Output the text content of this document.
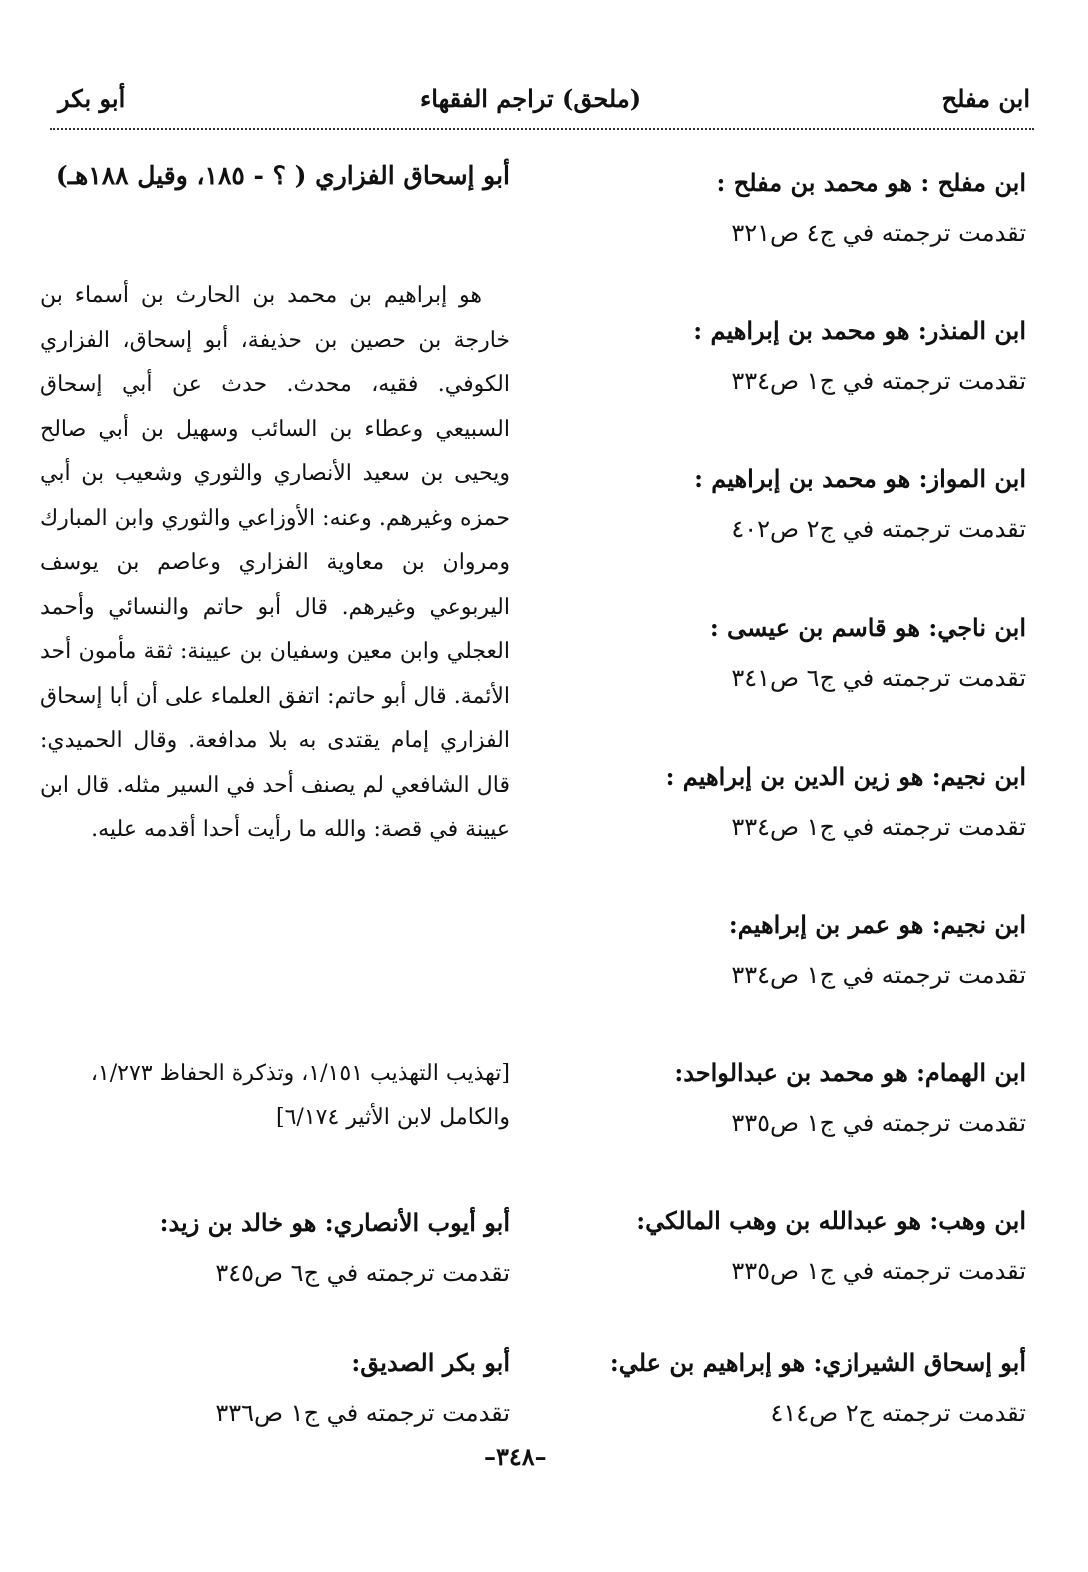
ابن مفلح
(ملحق) تراجم الفقهاء
أبو بكر
ابن مفلح : هو محمد بن مفلح :
تقدمت ترجمته في ج٤ ص٣٢١
ابن المنذر: هو محمد بن إبراهيم :
تقدمت ترجمته في ج١ ص٣٣٤
ابن المواز: هو محمد بن إبراهيم :
تقدمت ترجمته في ج٢ ص٤٠٢
ابن ناجي: هو قاسم بن عيسى :
تقدمت ترجمته في ج٦ ص٣٤١
ابن نجيم: هو زين الدين بن إبراهيم :
تقدمت ترجمته في ج١ ص٣٣٤
ابن نجيم: هو عمر بن إبراهيم:
تقدمت ترجمته في ج١ ص٣٣٤
ابن الهمام: هو محمد بن عبدالواحد:
تقدمت ترجمته في ج١ ص٣٣٥
ابن وهب: هو عبدالله بن وهب المالكي:
تقدمت ترجمته في ج١ ص٣٣٥
أبو إسحاق الشيرازي: هو إبراهيم بن علي:
تقدمت ترجمته ج٢ ص٤١٤
أبو إسحاق الفزاري ( ؟ - ١٨٥، وقيل ١٨٨هـ)
هو إبراهيم بن محمد بن الحارث بن أسماء بن خارجة بن حصين بن حذيفة، أبو إسحاق، الفزاري الكوفي. فقيه، محدث. حدث عن أبي إسحاق السبيعي وعطاء بن السائب وسهيل بن أبي صالح ويحيى بن سعيد الأنصاري والثوري وشعيب بن أبي حمزه وغيرهم. وعنه: الأوزاعي والثوري وابن المبارك ومروان بن معاوية الفزاري وعاصم بن يوسف اليربوعي وغيرهم. قال أبو حاتم والنسائي وأحمد العجلي وابن معين وسفيان بن عيينة: ثقة مأمون أحد الأئمة. قال أبو حاتم: اتفق العلماء على أن أبا إسحاق الفزاري إمام يقتدى به بلا مدافعة. وقال الحميدي: قال الشافعي لم يصنف أحد في السير مثله. قال ابن عيينة في قصة: والله ما رأيت أحدا أقدمه عليه.
[تهذيب التهذيب ١/١٥١، وتذكرة الحفاظ ١/٢٧٣، والكامل لابن الأثير ٦/١٧٤]
أبو أيوب الأنصاري: هو خالد بن زيد:
تقدمت ترجمته في ج٦ ص٣٤٥
أبو بكر الصديق:
تقدمت ترجمته في ج١ ص٣٣٦
–٣٤٨–
